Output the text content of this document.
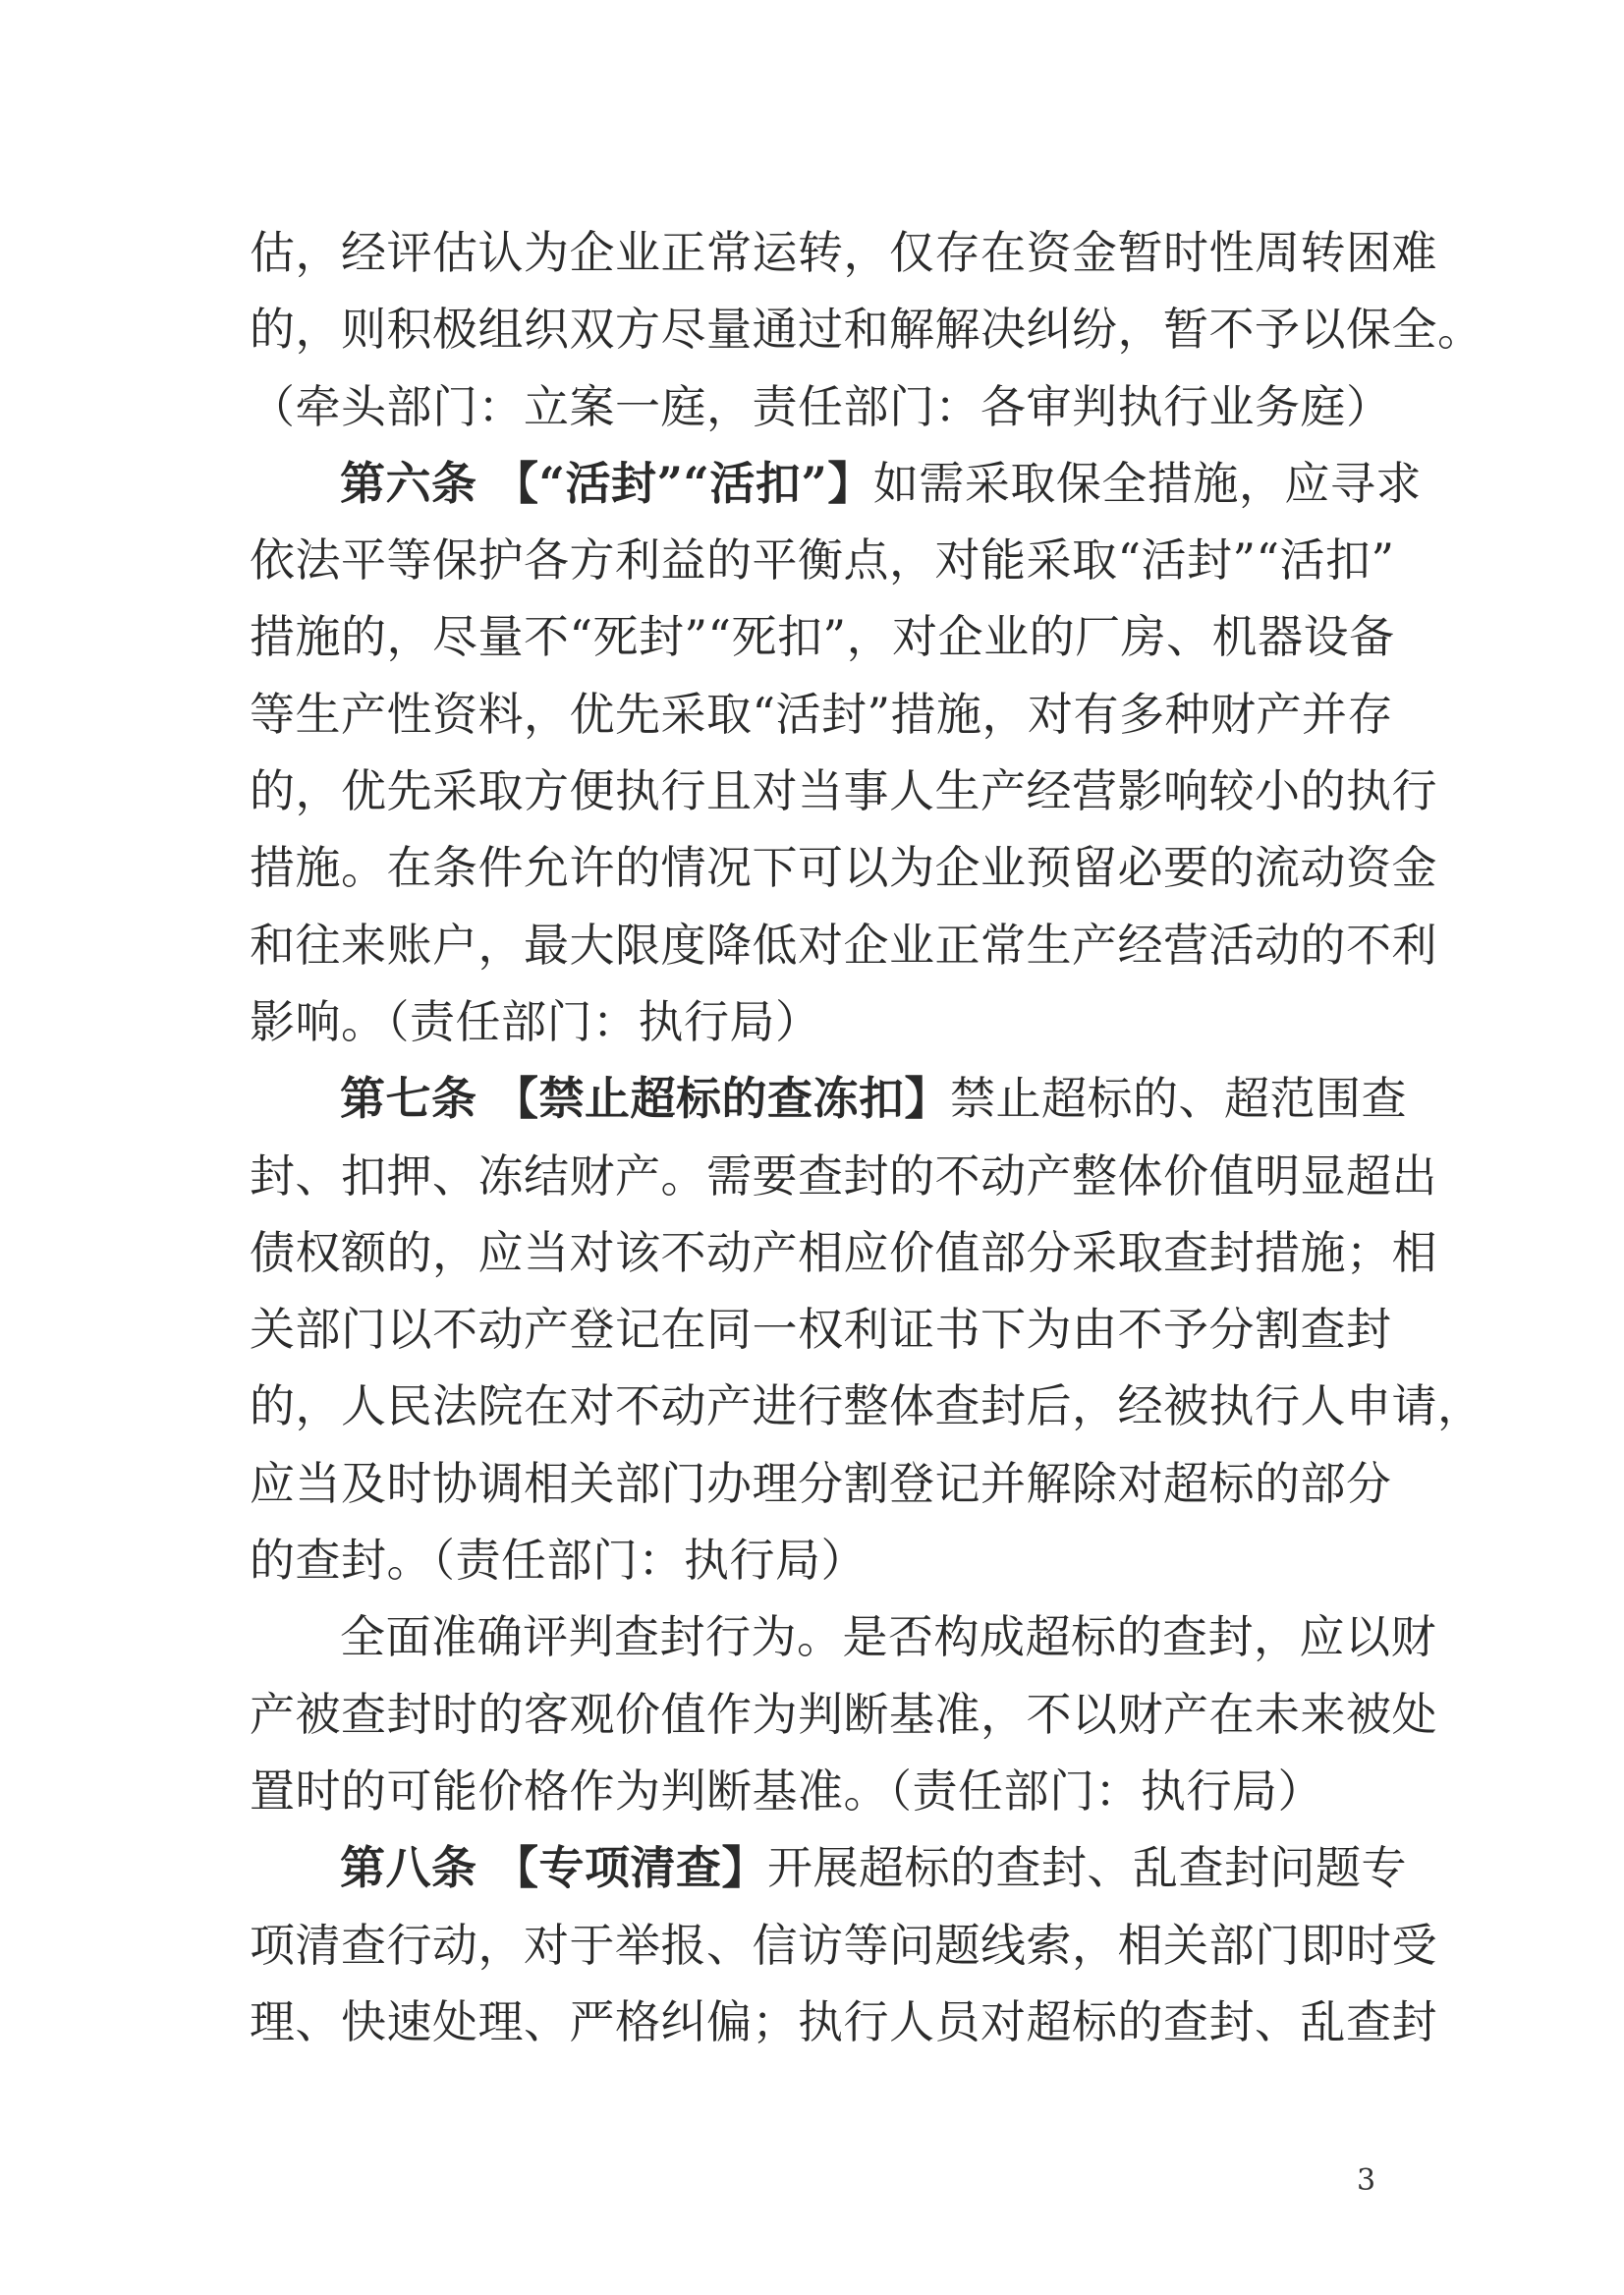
估，经评估认为企业正常运转，仅存在资金暂时性周转困难
的，则积极组织双方尽量通过和解解决纠纷，暂不予以保全。
（牵头部门：立案一庭，责任部门：各审判执行业务庭）
第六条 【“活封”“活扣”】如需采取保全措施，应寻求
依法平等保护各方利益的平衡点，对能采取“活封”“活扣”
措施的，尽量不“死封”“死扣”，对企业的厂房、机器设备
等生产性资料，优先采取“活封”措施，对有多种财产并存
的，优先采取方便执行且对当事人生产经营影响较小的执行
措施。在条件允许的情况下可以为企业预留必要的流动资金
和往来账户，最大限度降低对企业正常生产经营活动的不利
影响。（责任部门：执行局）
第七条 【禁止超标的查冻扣】禁止超标的、超范围查
封、扣押、冻结财产。需要查封的不动产整体价值明显超出
债权额的，应当对该不动产相应价值部分采取查封措施；相
关部门以不动产登记在同一权利证书下为由不予分割查封
的，人民法院在对不动产进行整体查封后，经被执行人申请，
应当及时协调相关部门办理分割登记并解除对超标的部分
的查封。（责任部门：执行局）
全面准确评判查封行为。是否构成超标的查封，应以财
产被查封时的客观价值作为判断基准，不以财产在未来被处
置时的可能价格作为判断基准。（责任部门：执行局）
第八条 【专项清查】开展超标的查封、乱查封问题专
项清查行动，对于举报、信访等问题线索，相关部门即时受
理、快速处理、严格纠偏；执行人员对超标的查封、乱查封
3
